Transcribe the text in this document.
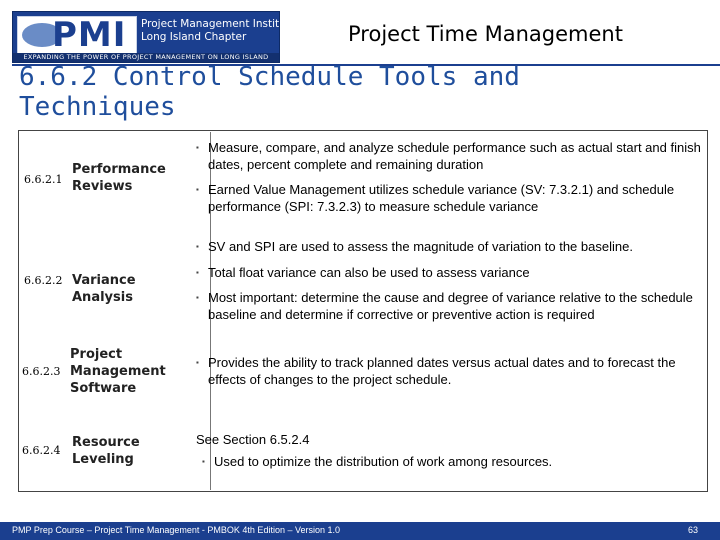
PMI Project Management Institute
Long Island Chapter
EXPANDING THE POWER OF PROJECT MANAGEMENT ON LONG ISLAND
Project Time Management
6.6.2 Control Schedule Tools and Techniques
6.6.2.1
Performance Reviews
6.6.2.2 Variance Analysis
6.6.2.3
Project Management Software
6.6.2.4
Resource Leveling
▪ Measure, compare, and analyze schedule performance such as actual start and finish dates, percent complete and remaining duration
▪ Earned Value Management utilizes schedule variance (SV: 7.3.2.1) and schedule performance (SPI: 7.3.2.3) to measure schedule variance
▪ SV and SPI are used to assess the magnitude of variation to the baseline.
▪ Total float variance can also be used to assess variance
▪ Most important: determine the cause and degree of variance relative to the schedule baseline and determine if corrective or preventive action is required
▪ Provides the ability to track planned dates versus actual dates and to forecast the effects of changes to the project schedule.
See Section 6.5.2.4
▪ Used to optimize the distribution of work among resources.
PMP Prep Course – Project Time Management - PMBOK 4th Edition – Version 1.0	63
